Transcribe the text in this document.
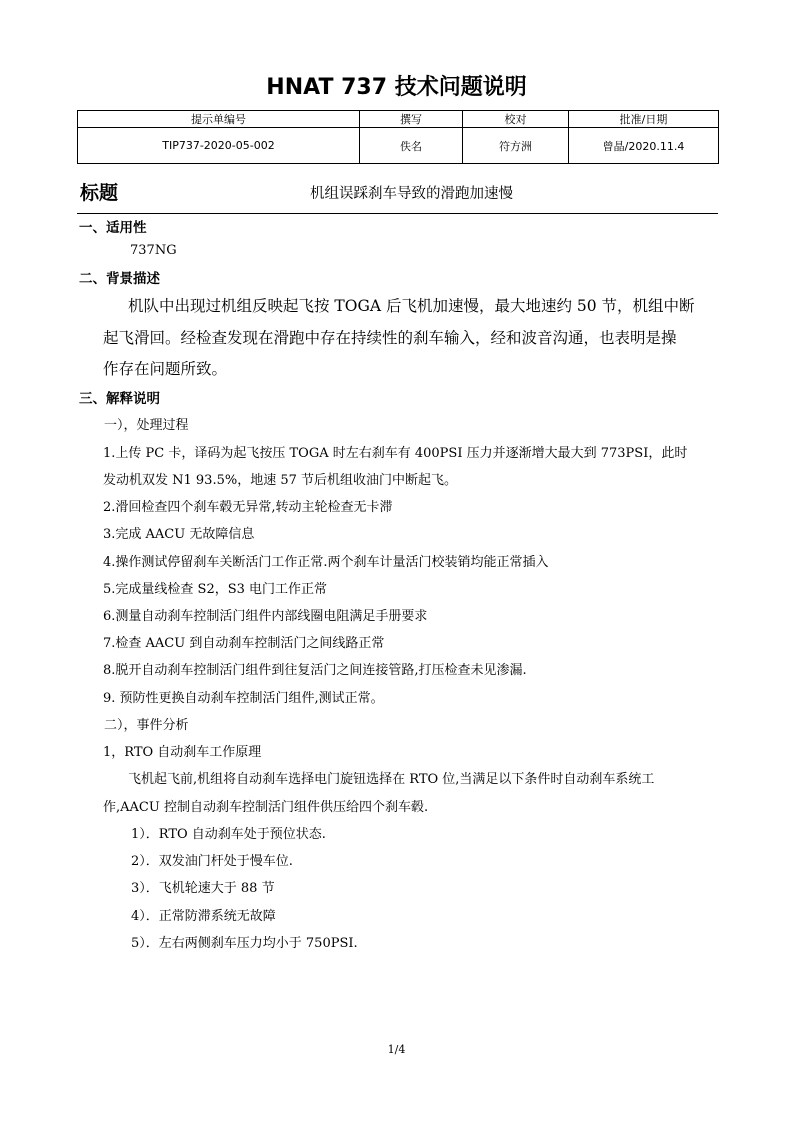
HNAT 737 技术问题说明
提示单编号	撰写	校对	批准/日期
TIP737-2020-05-002	佚名	符方洲	曾晶/2020.11.4
标题	机组误踩刹车导致的滑跑加速慢
一、适用性
737NG
二、背景描述
机队中出现过机组反映起飞按 TOGA 后飞机加速慢，最大地速约 50 节，机组中断
起飞滑回。经检查发现在滑跑中存在持续性的刹车输入，经和波音沟通，也表明是操
作存在问题所致。
三、解释说明
一），处理过程
1.上传 PC 卡，译码为起飞按压 TOGA 时左右刹车有 400PSI 压力并逐渐增大最大到 773PSI，此时
发动机双发 N1 93.5%，地速 57 节后机组收油门中断起飞。
2.滑回检查四个刹车毂无异常,转动主轮检查无卡滞
3.完成 AACU 无故障信息
4.操作测试停留刹车关断活门工作正常.两个刹车计量活门校装销均能正常插入
5.完成量线检查 S2，S3 电门工作正常
6.测量自动刹车控制活门组件内部线圈电阻满足手册要求
7.检查 AACU 到自动刹车控制活门之间线路正常
8.脱开自动刹车控制活门组件到往复活门之间连接管路,打压检查未见渗漏.
9. 预防性更换自动刹车控制活门组件,测试正常。
二），事件分析
1，RTO 自动刹车工作原理
飞机起飞前,机组将自动刹车选择电门旋钮选择在 RTO 位,当满足以下条件时自动刹车系统工
作,AACU 控制自动刹车控制活门组件供压给四个刹车毂.
1）．RTO 自动刹车处于预位状态.
2）．双发油门杆处于慢车位.
3）．飞机轮速大于 88 节
4）．正常防滞系统无故障
5）．左右两侧刹车压力均小于 750PSI.
1/4
